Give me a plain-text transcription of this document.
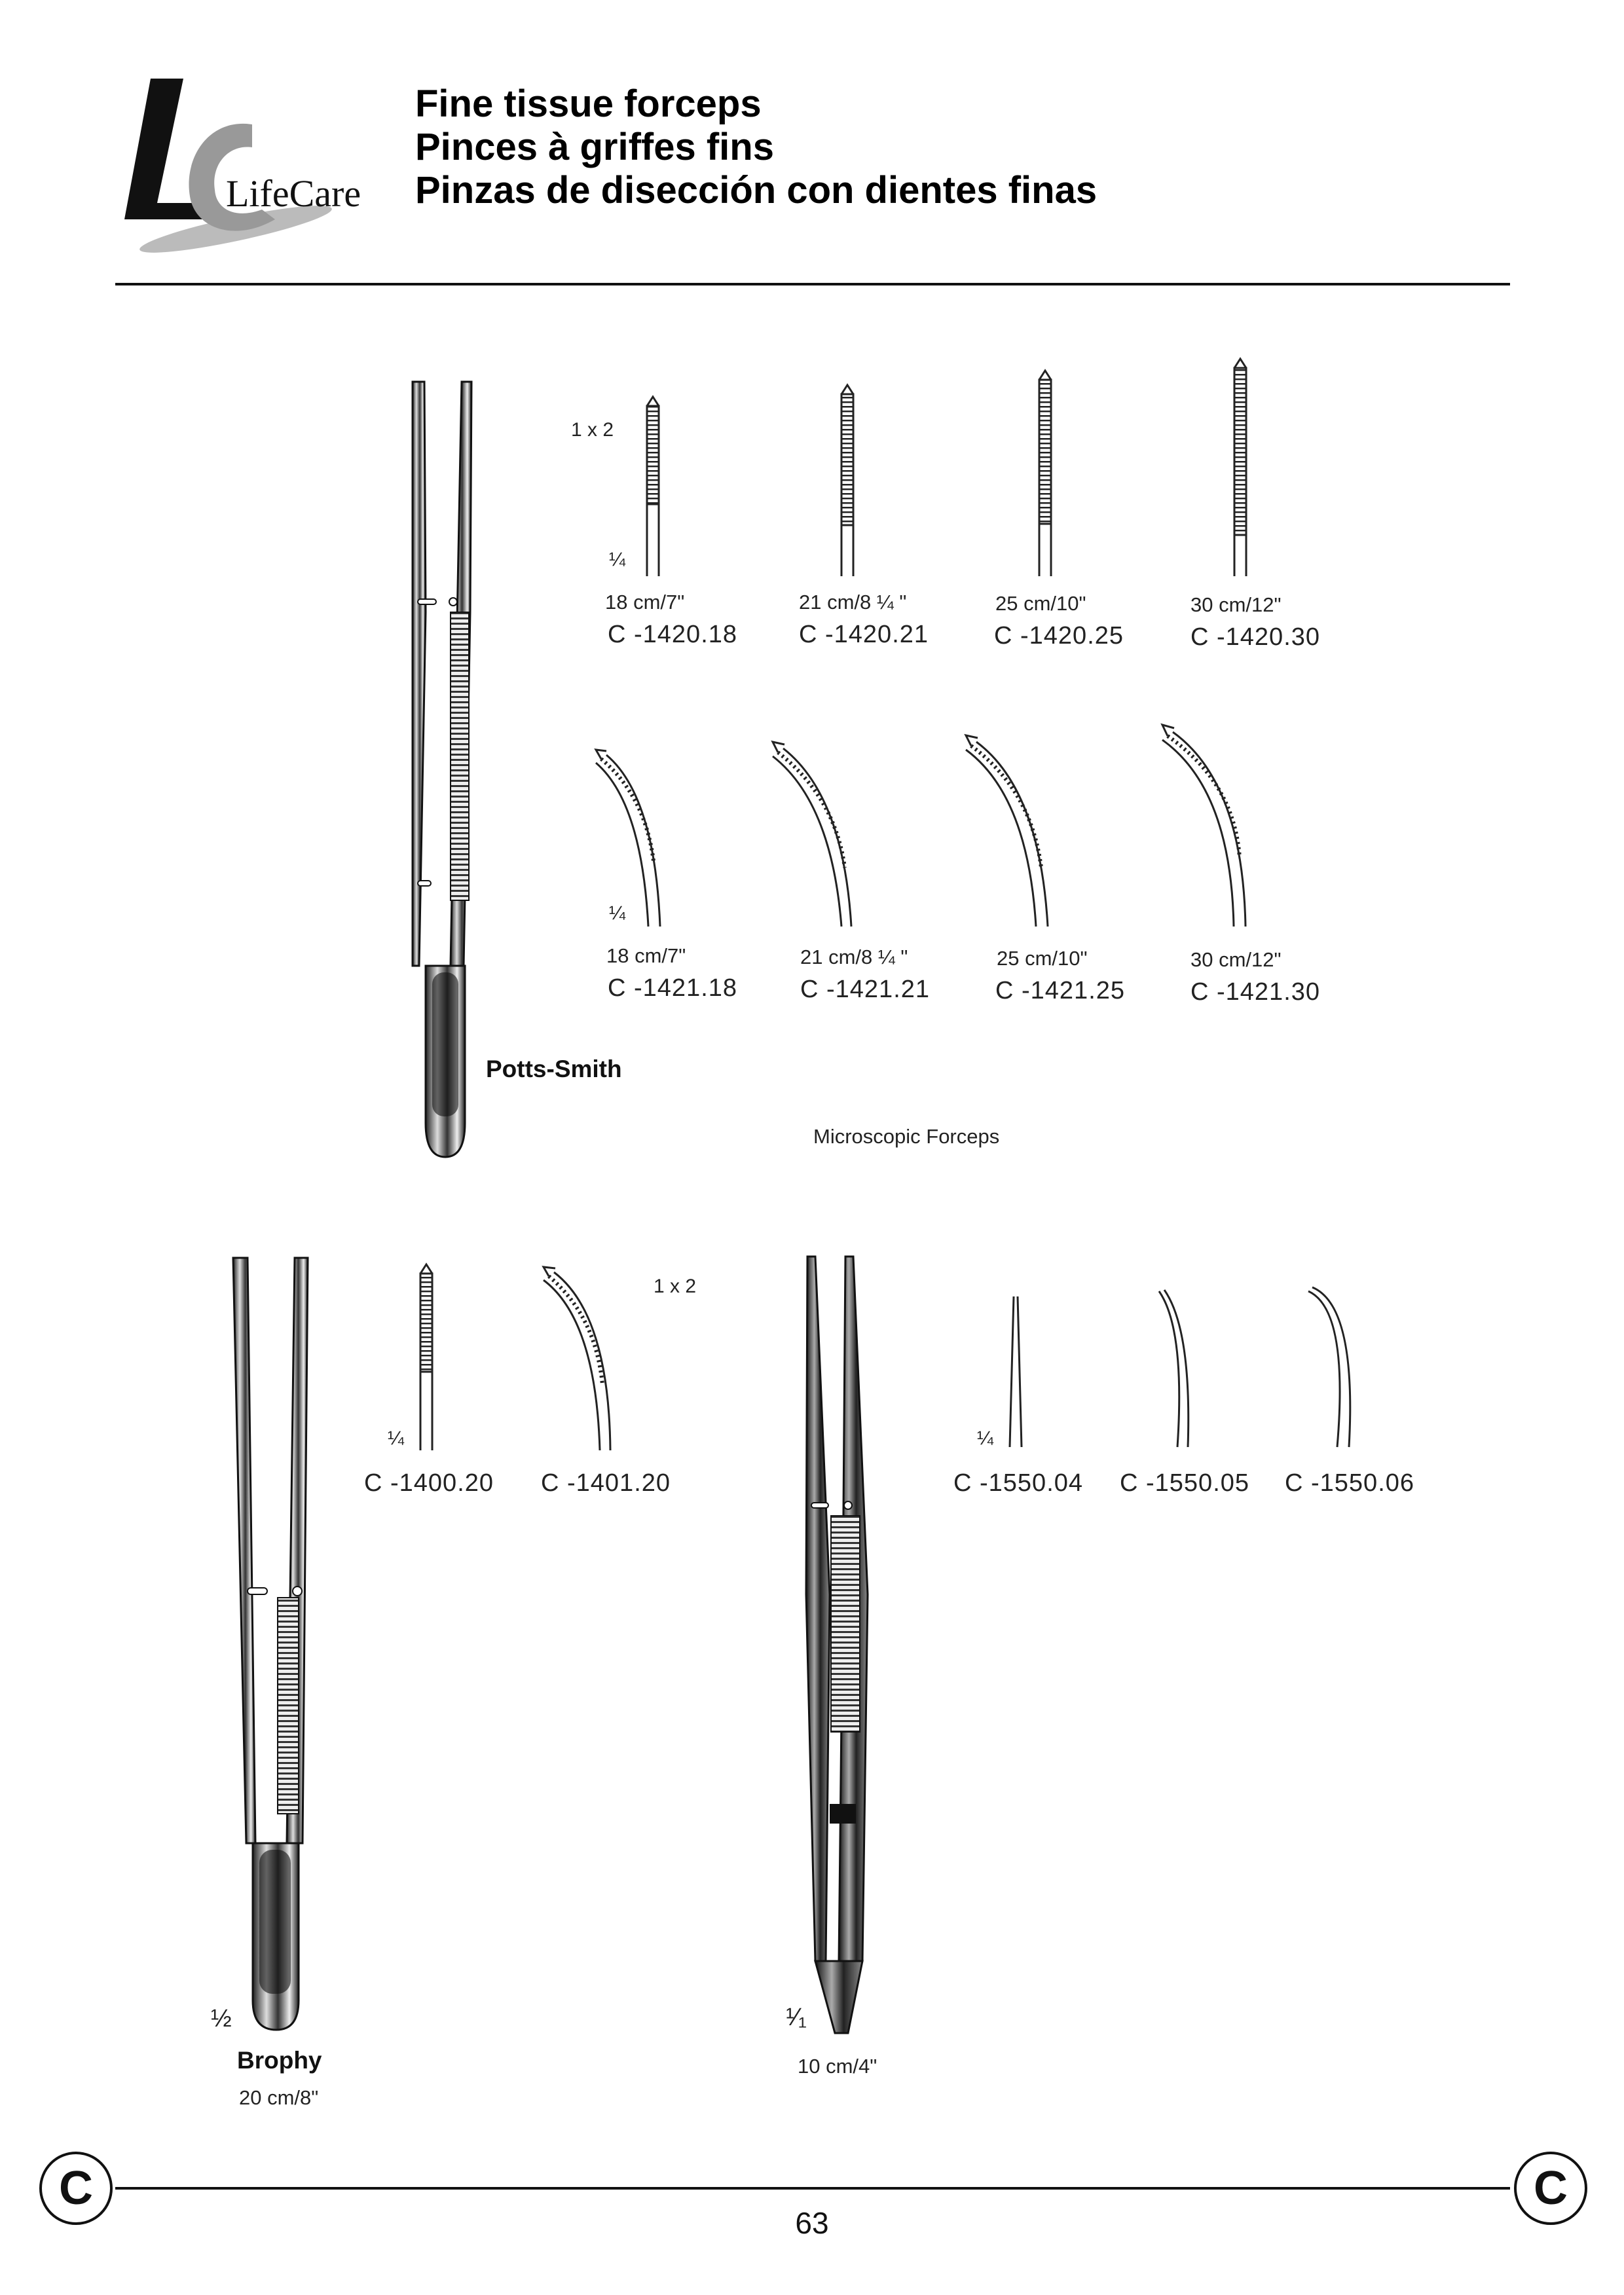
LifeCare
Fine tissue forceps
Pinces à griffes fins
Pinzas de disección con dientes finas
1 x 2
¼
18 cm/7"
C -1420.18
21 cm/8 ¼ "
C -1420.21
25 cm/10"
C -1420.25
30 cm/12"
C -1420.30
¼
18 cm/7"
C -1421.18
21 cm/8 ¼ "
C -1421.21
25 cm/10"
C -1421.25
30 cm/12"
C -1421.30
Potts-Smith
Microscopic Forceps
½
Brophy
20 cm/8"
1 x 2
¼
C -1400.20 C -1401.20
¹⁄₁
10 cm/4"
¼
C -1550.04 C -1550.05 C -1550.06
C	C
63
